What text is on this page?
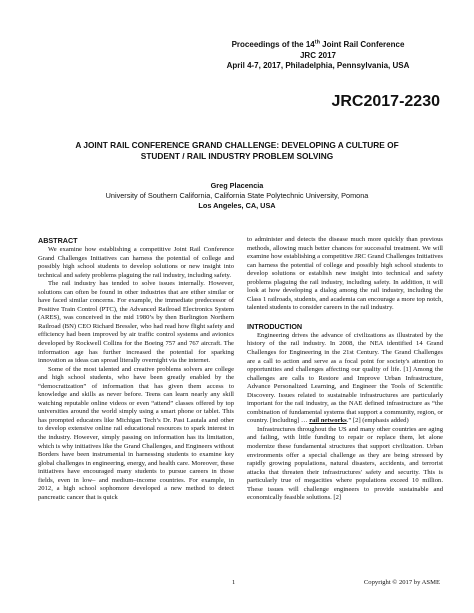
Proceedings of the 14th Joint Rail Conference
JRC 2017
April 4-7, 2017, Philadelphia, Pennsylvania, USA
JRC2017-2230
A JOINT RAIL CONFERENCE GRAND CHALLENGE: DEVELOPING A CULTURE OF
STUDENT / RAIL INDUSTRY PROBLEM SOLVING
Greg Placencia
University of Southern California, California State Polytechnic University, Pomona
Los Angeles, CA, USA
ABSTRACT

We examine how establishing a competitive Joint Rail Conference Grand Challenges Initiatives can harness the potential of college and possibly high school students to develop solutions or new insight into technical and safety problems plaguing the rail industry, including safety.

The rail industry has tended to solve issues internally. However, solutions can often be found in other industries that are either similar or have faced similar concerns. For example, the immediate predecessor of Positive Train Control (PTC), the Advanced Railroad Electronics System (ARES), was conceived in the mid 1980’s by then Burlington Northern Railroad (BN) CEO Richard Bressler, who had read how flight safety and efficiency had been improved by air traffic control systems and avionics developed by Rockwell Collins for the Boeing 757 and 767 aircraft. The information age has further increased the potential for sparking innovation as ideas can spread literally overnight via the internet.

Some of the most talented and creative problems solvers are college and high school students, who have been greatly enabled by the “democratization” of information that has given them access to knowledge and skills as never before. Teens can learn nearly any skill watching reputable online videos or even “attend” classes offered by top universities around the world simply using a smart phone or tablet. This has prompted educators like Michigan Tech’s Dr. Pasi Lautala and other to develop extensive online rail educational resources to spark interest in the industry. However, simply passing on information has its limitation, which is why initiatives like the Grand Challenges, and Engineers without Borders have been instrumental in harnessing students to examine key global challenges in engineering, energy, and health care. Moreover, these initiatives have encouraged many students to pursue careers in those fields, even in low– and medium–income countries. For example, in 2012, a high school sophomore developed a new method to detect pancreatic cancer that is quick

to administer and detects the disease much more quickly than previous methods, allowing much better chances for successful treatment. We will examine how establishing a competitive JRC Grand Challenges Initiatives can harness the potential of college and possibly high school students to develop solutions or establish new insight into technical and safety problems plaguing the rail industry, including safety. In addition, it will look at how developing a dialog among the rail industry, including the Class 1 railroads, students, and academia can encourage a more top notch, talented students to consider careers in the rail industry.

INTRODUCTION

Engineering drives the advance of civilizations as illustrated by the history of the rail industry. In 2008, the NEA identified 14 Grand Challenges for Engineering in the 21st Century. The Grand Challenges are a call to action and serve as a focal point for society's attention to opportunities and challenges affecting our quality of life. [1] Among the challenges are calls to Restore and Improve Urban Infrastructure, Advance Personalized Learning, and Engineer the Tools of Scientific Discovery. Issues related to sustainable infrastructures are particularly important for the rail industry, as the NAE defined infrastructure as “the combination of fundamental systems that support a community, region, or country. [including] … rail networks.” [2] (emphasis added)

Infrastructures throughout the US and many other countries are aging and failing, with little funding to repair or replace them, let alone modernize these fundamental structures that support civilization. Urban environments offer a special challenge as they are being stressed by rapidly growing populations, natural disasters, accidents, and terrorist attacks that threaten their infrastructures' safety and security. This is particularly true of megacities where populations exceed 10 million. These issues will challenge engineers to provide sustainable and economically feasible solutions. [2]

1	Copyright © 2017 by ASME
